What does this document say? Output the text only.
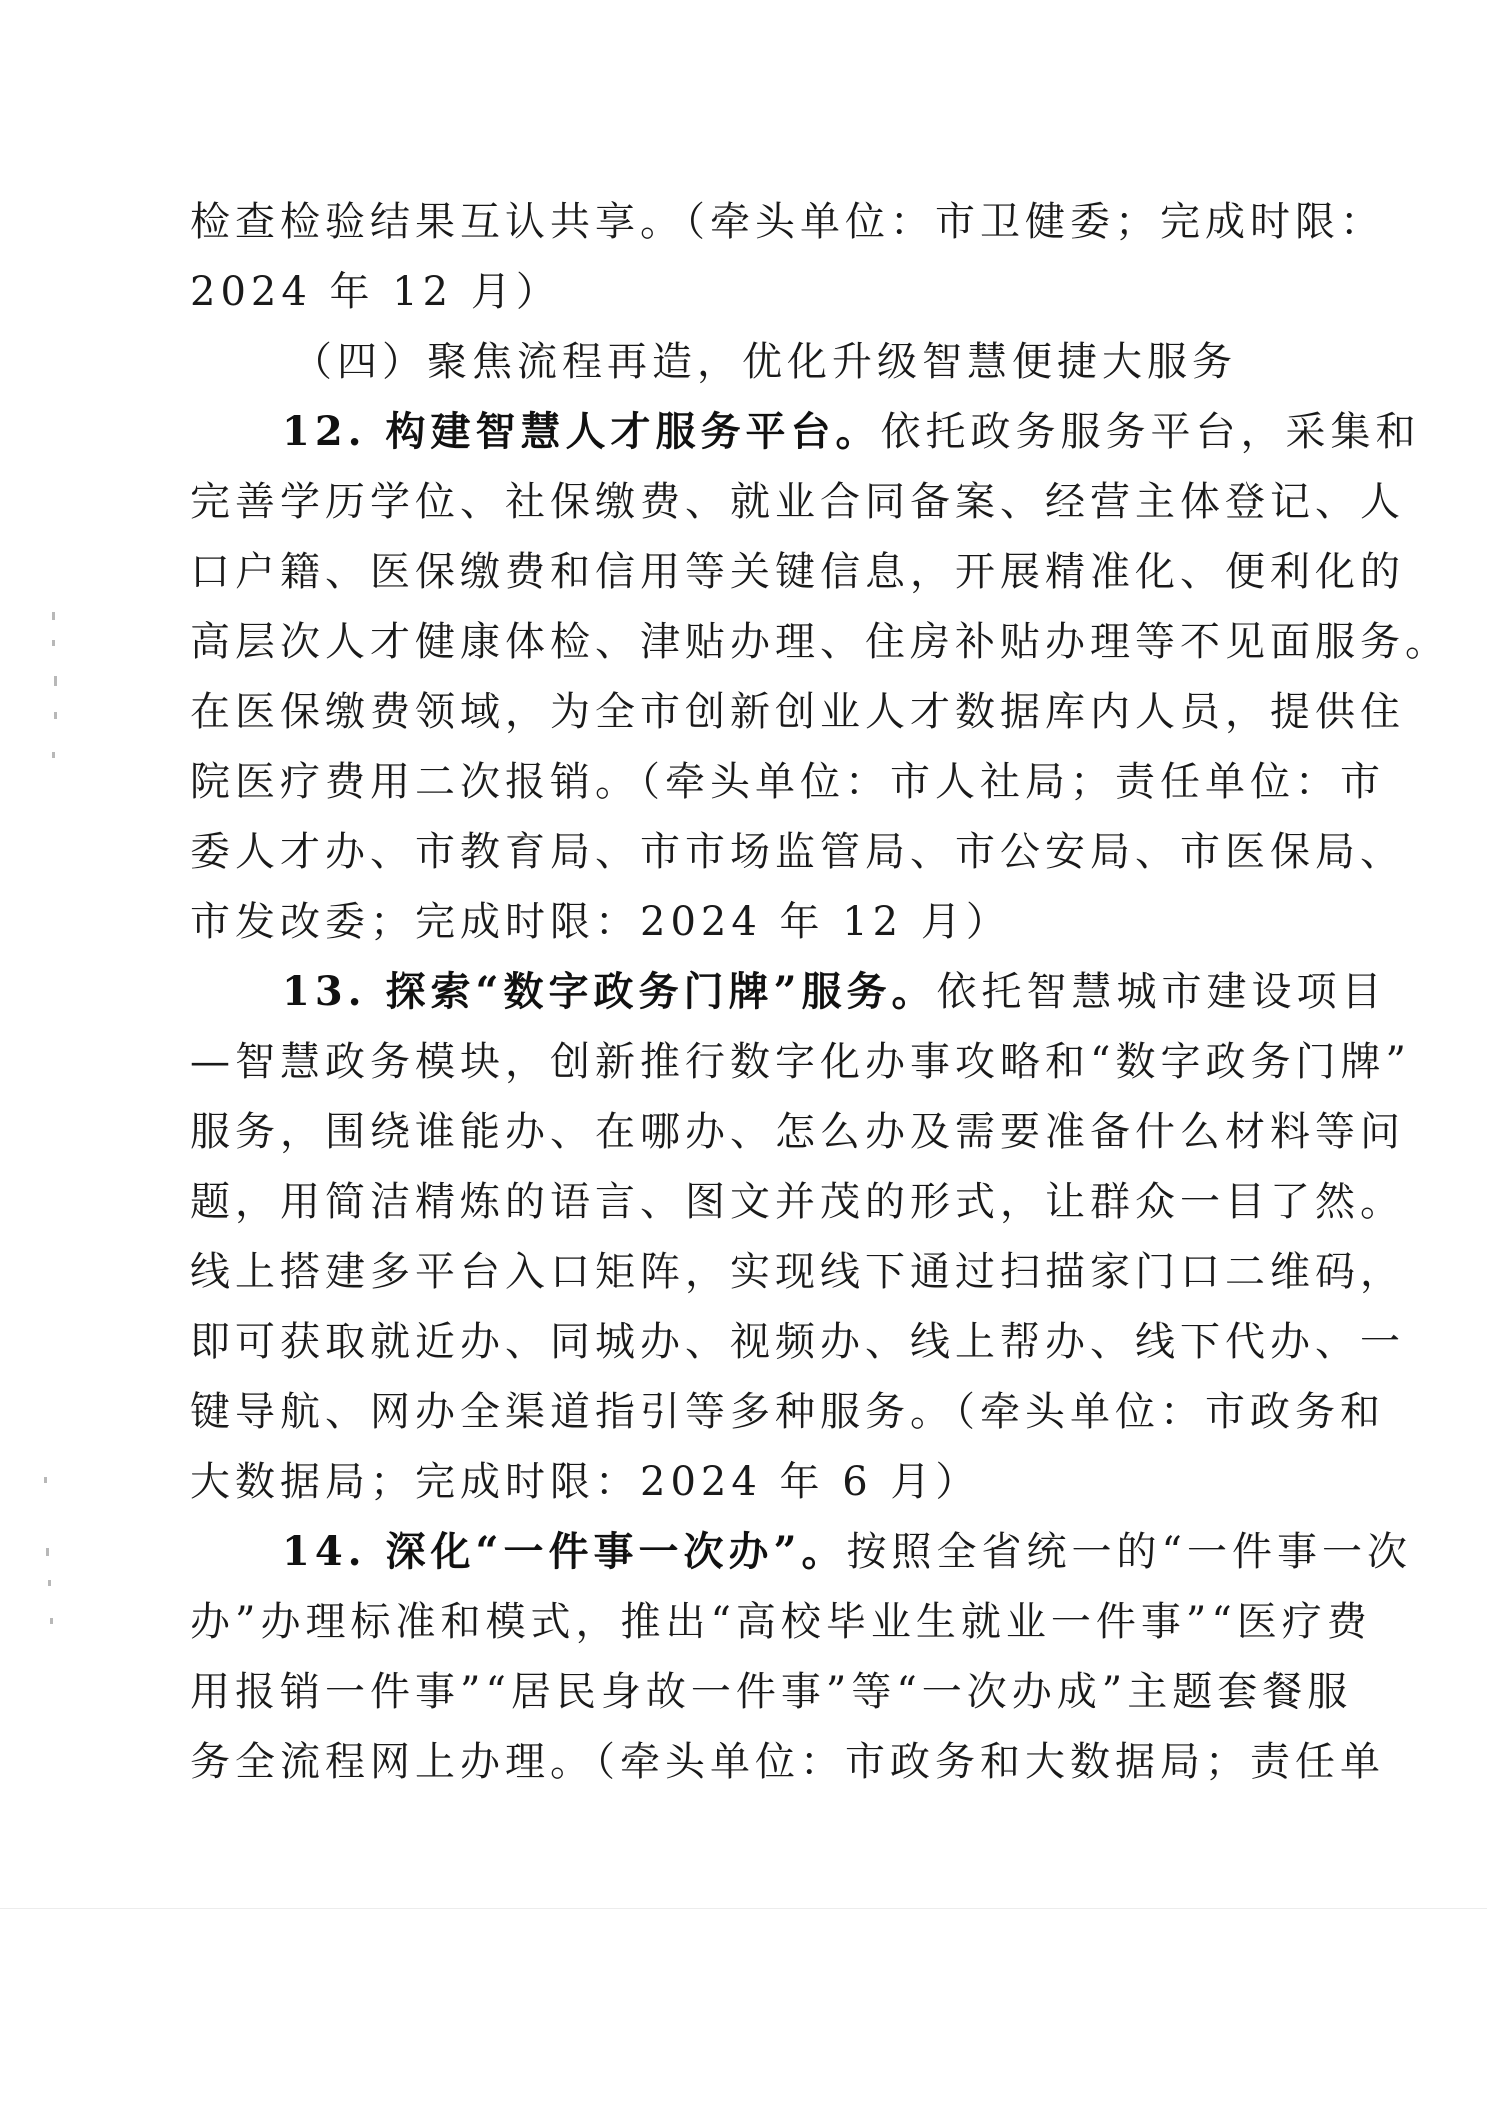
检查检验结果互认共享。（牵头单位：市卫健委；完成时限：
2024 年 12 月）
（四）聚焦流程再造，优化升级智慧便捷大服务
12. 构建智慧人才服务平台。依托政务服务平台，采集和
完善学历学位、社保缴费、就业合同备案、经营主体登记、人
口户籍、医保缴费和信用等关键信息，开展精准化、便利化的
高层次人才健康体检、津贴办理、住房补贴办理等不见面服务。
在医保缴费领域，为全市创新创业人才数据库内人员，提供住
院医疗费用二次报销。（牵头单位：市人社局；责任单位：市
委人才办、市教育局、市市场监管局、市公安局、市医保局、
市发改委；完成时限：2024 年 12 月）
13. 探索“数字政务门牌”服务。依托智慧城市建设项目
—智慧政务模块，创新推行数字化办事攻略和“数字政务门牌”
服务，围绕谁能办、在哪办、怎么办及需要准备什么材料等问
题，用简洁精炼的语言、图文并茂的形式，让群众一目了然。
线上搭建多平台入口矩阵，实现线下通过扫描家门口二维码，
即可获取就近办、同城办、视频办、线上帮办、线下代办、一
键导航、网办全渠道指引等多种服务。（牵头单位：市政务和
大数据局；完成时限：2024 年 6 月）
14. 深化“一件事一次办”。按照全省统一的“一件事一次
办”办理标准和模式，推出“高校毕业生就业一件事”“医疗费
用报销一件事”“居民身故一件事”等“一次办成”主题套餐服
务全流程网上办理。（牵头单位：市政务和大数据局；责任单
